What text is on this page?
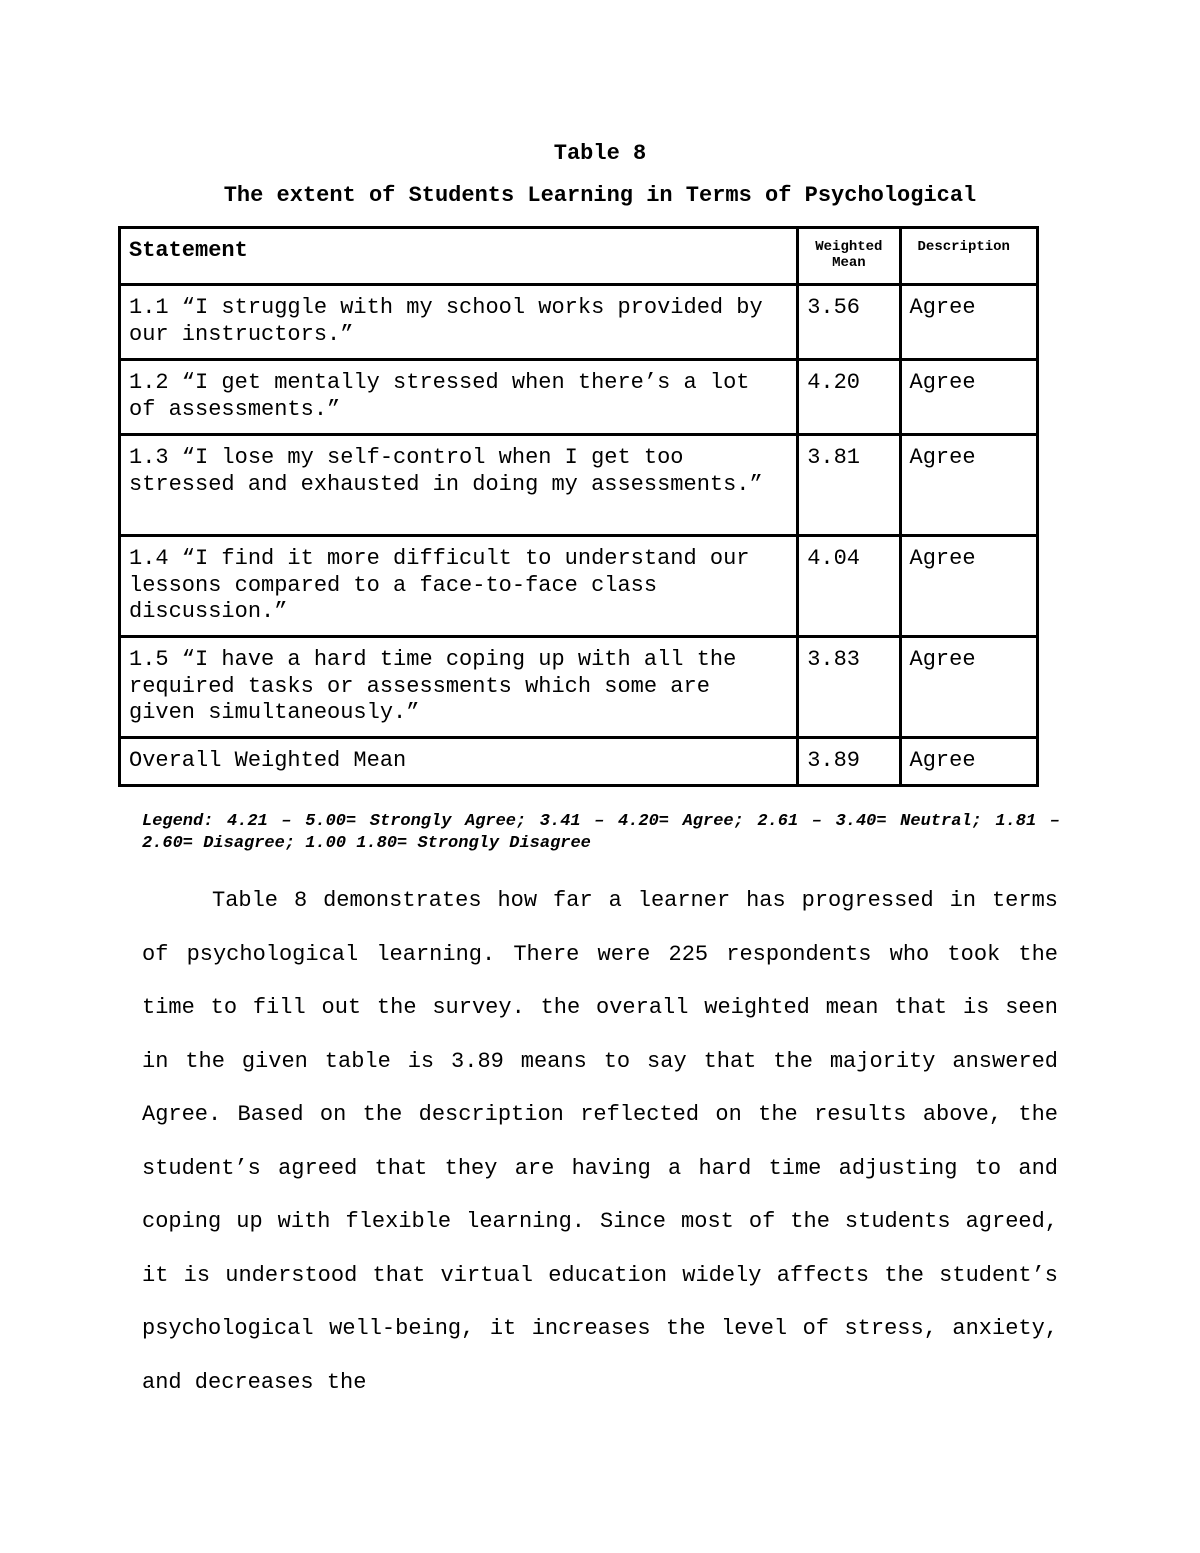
Table 8
The extent of Students Learning in Terms of Psychological
Statement	Weighted Mean	Description
1.1 “I struggle with my school works provided by our instructors.”	3.56	Agree
1.2 “I get mentally stressed when there’s a lot of assessments.”	4.20	Agree
1.3 “I lose my self-control when I get too stressed and exhausted in doing my assessments.”	3.81	Agree
1.4 “I find it more difficult to understand our lessons compared to a face-to-face class discussion.”	4.04	Agree
1.5 “I have a hard time coping up with all the required tasks or assessments which some are given simultaneously.”	3.83	Agree
Overall Weighted Mean	3.89	Agree
Legend: 4.21 – 5.00= Strongly Agree; 3.41 – 4.20= Agree; 2.61 – 3.40= Neutral; 1.81 – 2.60= Disagree; 1.00 1.80= Strongly Disagree

Table 8 demonstrates how far a learner has progressed in terms of psychological learning. There were 225 respondents who took the time to fill out the survey. the overall weighted mean that is seen in the given table is 3.89 means to say that the majority answered Agree. Based on the description reflected on the results above, the student’s agreed that they are having a hard time adjusting to and coping up with flexible learning. Since most of the students agreed, it is understood that virtual education widely affects the student’s psychological well-being, it increases the level of stress, anxiety, and decreases the
